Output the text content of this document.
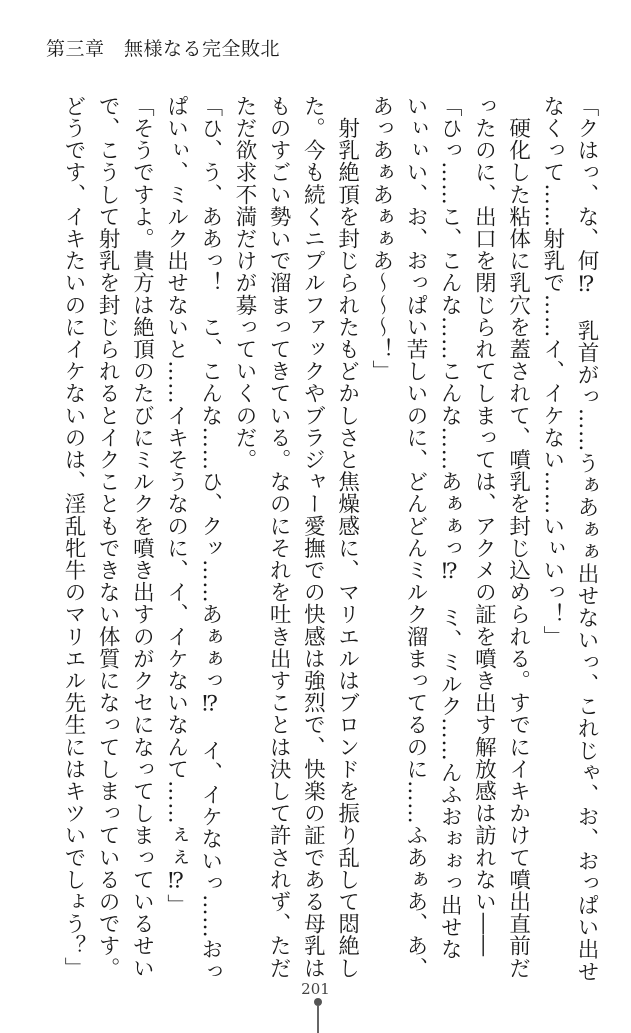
第三章　無様なる完全敗北

「クはっ、な、何⁉　乳首がっ……うぁあぁぁ出せないっ、これじゃ、お、おっぱい出せ

なくって……射乳で……イ、イケない……いぃいっ！」

　硬化した粘体に乳穴を蓋されて、噴乳を封じ込められる。すでにイキかけて噴出直前だ

ったのに、出口を閉じられてしまっては、アクメの証を噴き出す解放感は訪れない――

「ひっ……こ、こんな……こんな……あぁぁっ⁉　ミ、ミルク……んふおぉぉっ出せな

いぃぃい、お、おっぱい苦しいのに、どんどんミルク溜まってるのに……ふあぁあ、あ、

あっあぁあぁぁあ～～～！」

　射乳絶頂を封じられたもどかしさと焦燥感に、マリエルはブロンドを振り乱して悶絶し

た。今も続くニプルファックやブラジャー愛撫での快感は強烈で、快楽の証である母乳は

ものすごい勢いで溜まってきている。なのにそれを吐き出すことは決して許されず、ただ

ただ欲求不満だけが募っていくのだ。

「ひ、う、ああっ！　こ、こんな……ひ、クッ……あぁぁっ⁉　イ、イケないっ……おっ

ぱいぃ、ミルク出せないと……イキそうなのに、イ、イケないなんて……ぇぇ⁉」

「そうですよ。貴方は絶頂のたびにミルクを噴き出すのがクセになってしまっているせい

で、こうして射乳を封じられるとイクこともできない体質になってしまっているのです。

どうです、イキたいのにイケないのは、淫乱牝牛のマリエル先生にはキツいでしょう？」

201
